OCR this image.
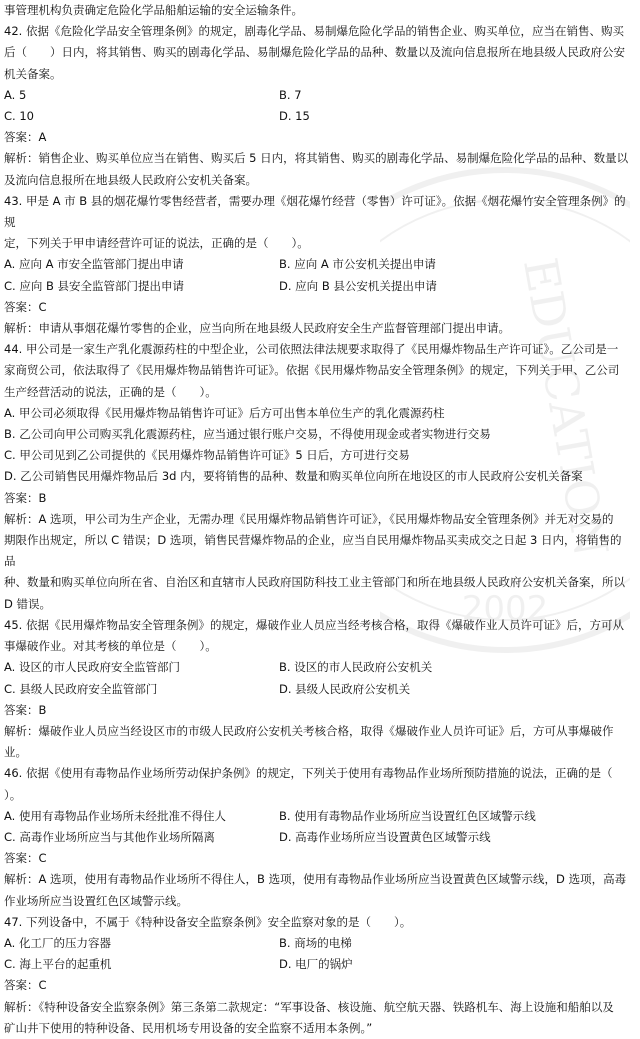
EDUCATION
2002
事管理机构负责确定危险化学品船舶运输的安全运输条件。
42. 依据《危险化学品安全管理条例》的规定，剧毒化学品、易制爆危险化学品的销售企业、购买单位，应当在销售、购买
后（　　）日内，将其销售、购买的剧毒化学品、易制爆危险化学品的品种、数量以及流向信息报所在地县级人民政府公安
机关备案。
A. 5	B. 7
C. 10	D. 15
答案：A
解析：销售企业、购买单位应当在销售、购买后 5 日内，将其销售、购买的剧毒化学品、易制爆危险化学品的品种、数量以
及流向信息报所在地县级人民政府公安机关备案。
43. 甲是 A 市 B 县的烟花爆竹零售经营者，需要办理《烟花爆竹经营（零售）许可证》。依据《烟花爆竹安全管理条例》的规
定，下列关于甲申请经营许可证的说法，正确的是（　　）。
A. 应向 A 市安全监管部门提出申请	B. 应向 A 市公安机关提出申请
C. 应向 B 县安全监管部门提出申请	D. 应向 B 县公安机关提出申请
答案：C
解析：申请从事烟花爆竹零售的企业，应当向所在地县级人民政府安全生产监督管理部门提出申请。
44. 甲公司是一家生产乳化震源药柱的中型企业，公司依照法律法规要求取得了《民用爆炸物品生产许可证》。乙公司是一
家商贸公司，依法取得了《民用爆炸物品销售许可证》。依据《民用爆炸物品安全管理条例》的规定，下列关于甲、乙公司
生产经营活动的说法，正确的是（　　）。
A. 甲公司必须取得《民用爆炸物品销售许可证》后方可出售本单位生产的乳化震源药柱
B. 乙公司向甲公司购买乳化震源药柱，应当通过银行账户交易，不得使用现金或者实物进行交易
C. 甲公司见到乙公司提供的《民用爆炸物品销售许可证》5 日后，方可进行交易
D. 乙公司销售民用爆炸物品后 3d 内，要将销售的品种、数量和购买单位向所在地设区的市人民政府公安机关备案
答案：B
解析：A 选项，甲公司为生产企业，无需办理《民用爆炸物品销售许可证》，《民用爆炸物品安全管理条例》并无对交易的
期限作出规定，所以 C 错误；D 选项，销售民营爆炸物品的企业，应当自民用爆炸物品买卖成交之日起 3 日内，将销售的品
种、数量和购买单位向所在省、自治区和直辖市人民政府国防科技工业主管部门和所在地县级人民政府公安机关备案，所以
D 错误。
45. 依据《民用爆炸物品安全管理条例》的规定，爆破作业人员应当经考核合格，取得《爆破作业人员许可证》后，方可从
事爆破作业。对其考核的单位是（　　）。
A. 设区的市人民政府安全监管部门	B. 设区的市人民政府公安机关
C. 县级人民政府安全监管部门	D. 县级人民政府公安机关
答案：B
解析：爆破作业人员应当经设区市的市级人民政府公安机关考核合格，取得《爆破作业人员许可证》后，方可从事爆破作业。
46. 依据《使用有毒物品作业场所劳动保护条例》的规定，下列关于使用有毒物品作业场所预防措施的说法，正确的是（　　）。
A. 使用有毒物品作业场所未经批准不得住人	B. 使用有毒物品作业场所应当设置红色区域警示线
C. 高毒作业场所应当与其他作业场所隔离	D. 高毒作业场所应当设置黄色区域警示线
答案：C
解析：A 选项，使用有毒物品作业场所不得住人，B 选项，使用有毒物品作业场所应当设置黄色区域警示线，D 选项，高毒
作业场所应当设置红色区域警示线。
47. 下列设备中，不属于《特种设备安全监察条例》安全监察对象的是（　　）。
A. 化工厂的压力容器	B. 商场的电梯
C. 海上平台的起重机	D. 电厂的锅炉
答案：C
解析：《特种设备安全监察条例》第三条第二款规定：“军事设备、核设施、航空航天器、铁路机车、海上设施和船舶以及
矿山井下使用的特种设备、民用机场专用设备的安全监察不适用本条例。”
